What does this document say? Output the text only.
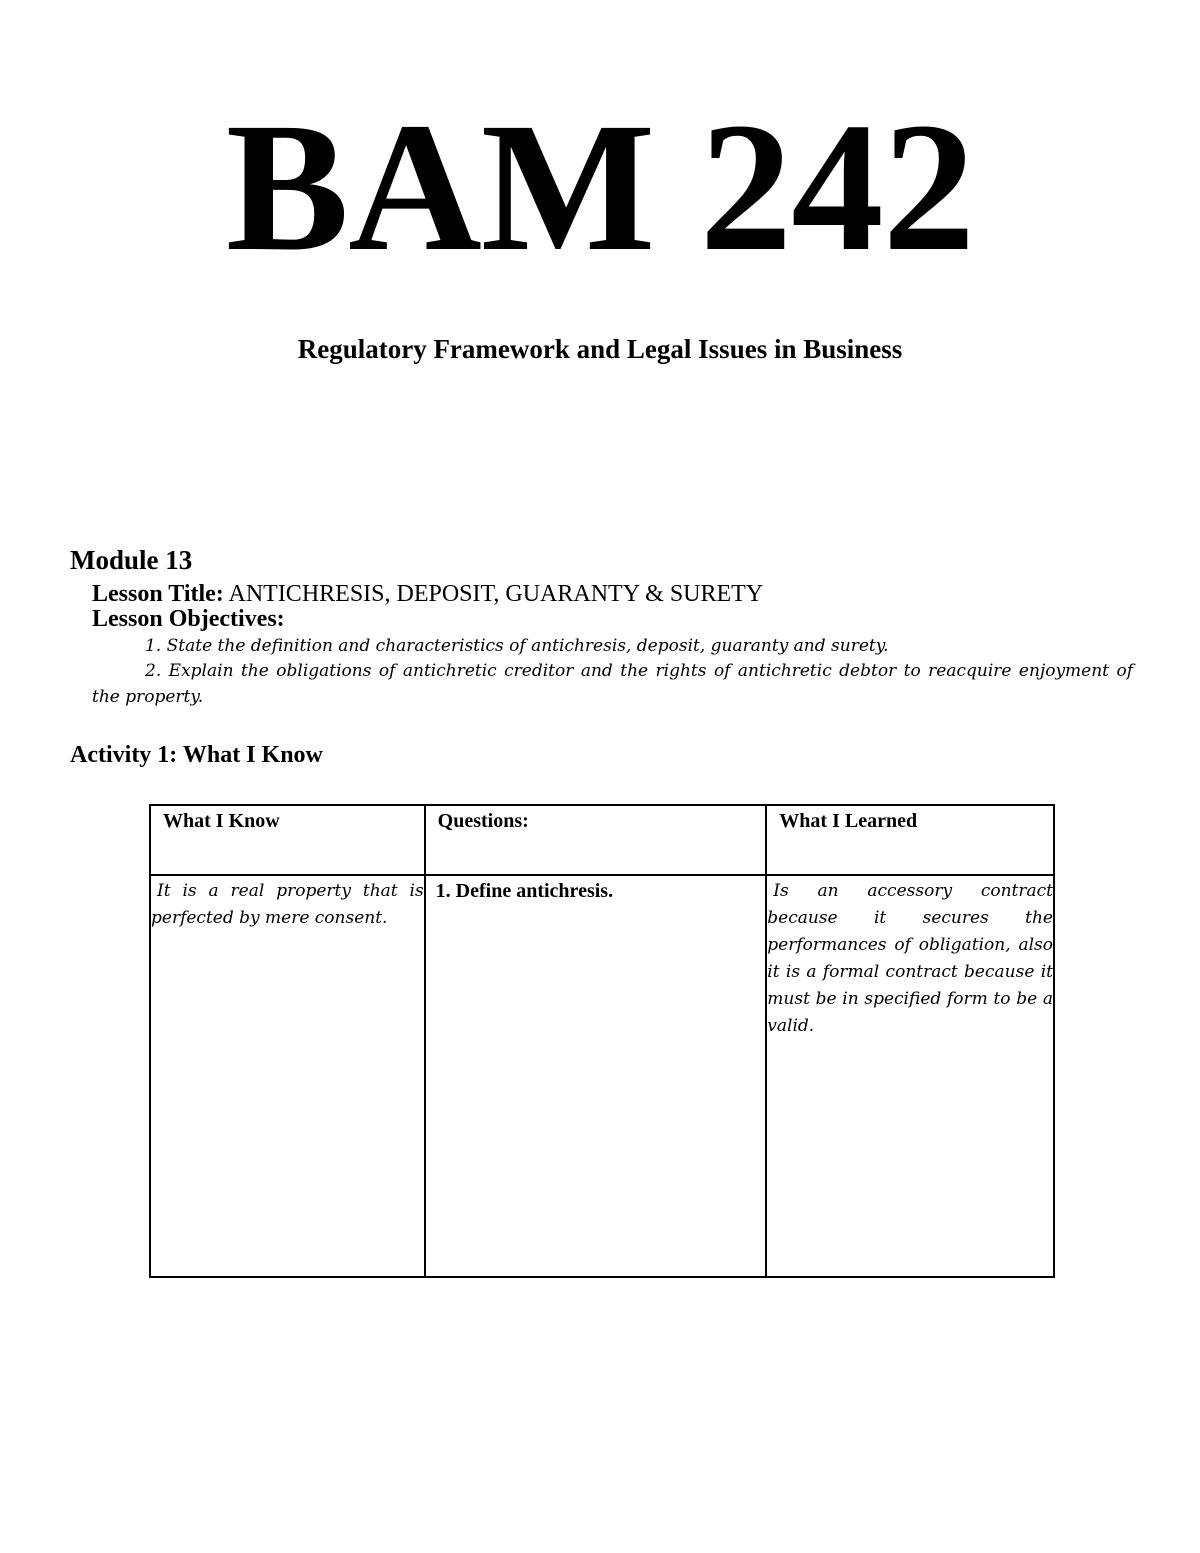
BAM 242
Regulatory Framework and Legal Issues in Business
Module 13
Lesson Title: ANTICHRESIS, DEPOSIT, GUARANTY & SURETY
Lesson Objectives:
1. State the definition and characteristics of antichresis, deposit, guaranty and surety.
2. Explain the obligations of antichretic creditor and the rights of antichretic debtor to reacquire enjoyment of the property.
Activity 1: What I Know
What I Know	Questions:	What I Learned

It is a real property that is perfected by mere consent.	1. Define antichresis.	Is an accessory contract because it secures the performances of obligation, also it is a formal contract because it must be in specified form to be a valid.
